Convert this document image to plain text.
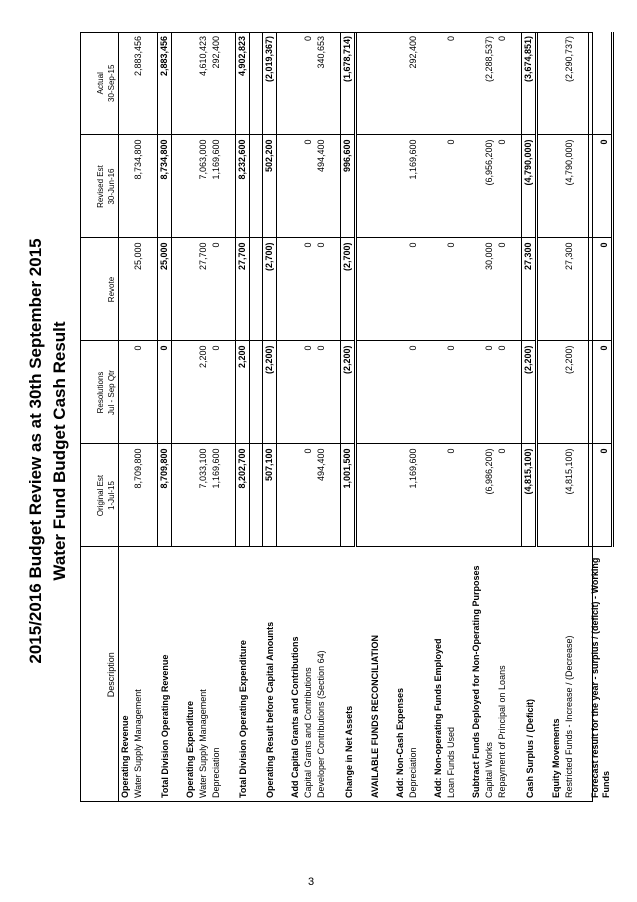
2015/2016 Budget Review as at 30th September 2015 Water Fund Budget Cash Result
Description	Original Est 1-Jul-15	Resolutions Jul - Sep Qtr	Revote	Revised Est 30-Jun-16	Actual 30-Sep-15
Operating Revenue					
Water Supply Management	8,709,800	0	25,000	8,734,800	2,883,456

Total Division Operating Revenue	8,709,800	0	25,000	8,734,800	2,883,456

Operating Expenditure					
Water Supply Management	7,033,100	2,200	27,700	7,063,000	4,610,423
Depreciation	1,169,600	0	0	1,169,600	292,400

Total Division Operating Expenditure	8,202,700	2,200	27,700	8,232,600	4,902,823

Operating Result before Capital Amounts	507,100	(2,200)	(2,700)	502,200	(2,019,367)

Add Capital Grants and Contributions					
Capital Grants and Contributions	0	0	0	0	0
Developer Contributions (Section 64)	494,400	0	0	494,400	340,653

Change in Net Assets	1,001,500	(2,200)	(2,700)	996,600	(1,678,714)

AVAILABLE FUNDS RECONCILIATION					

Add: Non-Cash Expenses					
Depreciation	1,169,600	0	0	1,169,600	292,400

Add: Non-operating Funds Employed					
Loan Funds Used	0	0	0	0	0

Subtract Funds Deployed for Non-Operating Purposes					
Capital Works	(6,986,200)	0	30,000	(6,956,200)	(2,288,537)
Repayment of Principal on Loans	0	0	0	0	0

Cash Surplus / (Deficit)	(4,815,100)	(2,200)	27,300	(4,790,000)	(3,674,851)

Equity Movements					
Restricted Funds - Increase / (Decrease)	(4,815,100)	(2,200)	27,300	(4,790,000)	(2,290,737)

Forecast result for the year - surplus / (deficit) - Working Funds	0	0	0	0	
3
